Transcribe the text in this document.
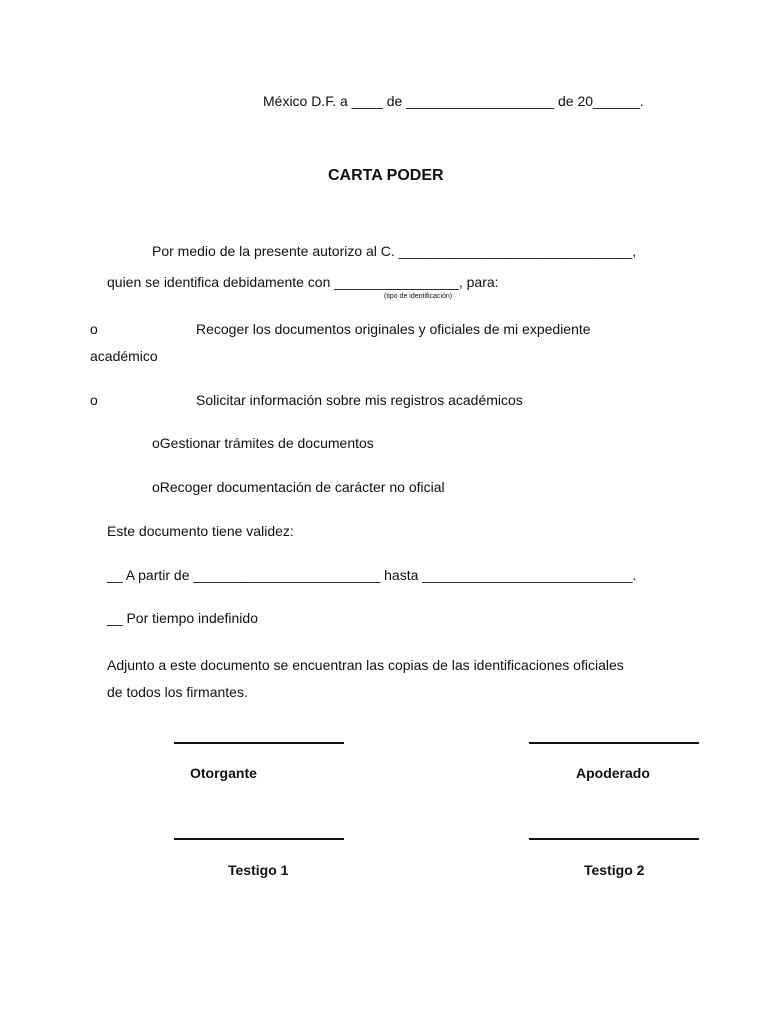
México D.F. a ____ de ___________________ de 20______.
CARTA PODER
Por medio de la presente autorizo al C. ______________________________,
quien se identifica debidamente con ________________, para:
(tipo de identificación)
o	Recoger los documentos originales y oficiales de mi expediente
académico
o	Solicitar información sobre mis registros académicos
oGestionar trámites de documentos
oRecoger documentación de carácter no oficial
Este documento tiene validez:
__ A partir de ________________________ hasta ___________________________.
__ Por tiempo indefinido
Adjunto a este documento se encuentran las copias de las identificaciones oficiales
de todos los firmantes.
Otorgante	Apoderado
Testigo 1	Testigo 2
